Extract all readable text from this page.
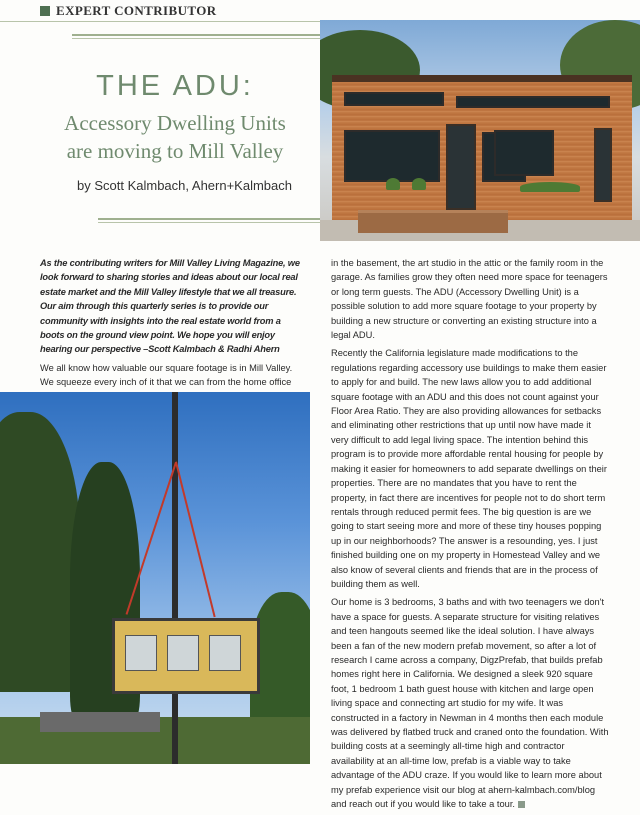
EXPERT CONTRIBUTOR
THE ADU:

Accessory Dwelling Units

are moving to Mill Valley

by Scott Kalmbach, Ahern+Kalmbach

As the contributing writers for Mill Valley Living Magazine, we look forward to sharing stories and ideas about our local real estate market and the Mill Valley lifestyle that we all treasure. Our aim through this quarterly series is to provide our community with insights into the real estate world from a boots on the ground view point. We hope you will enjoy hearing our perspective –Scott Kalmbach & Radhi Ahern

We all know how valuable our square footage is in Mill Valley. We squeeze every inch of it that we can from the home office

in the basement, the art studio in the attic or the family room in the garage. As families grow they often need more space for teenagers or long term guests. The ADU (Accessory Dwelling Unit) is a possible solution to add more square footage to your property by building a new structure or converting an existing structure into a legal ADU.

Recently the California legislature made modifications to the regulations regarding accessory use buildings to make them easier to apply for and build. The new laws allow you to add additional square footage with an ADU and this does not count against your Floor Area Ratio. They are also providing allowances for setbacks and eliminating other restrictions that up until now have made it very difficult to add legal living space. The intention behind this program is to provide more affordable rental housing for people by making it easier for homeowners to add separate dwellings on their properties. There are no mandates that you have to rent the property, in fact there are incentives for people not to do short term rentals through reduced permit fees. The big question is are we going to start seeing more and more of these tiny houses popping up in our neighborhoods? The answer is a resounding, yes. I just finished building one on my property in Homestead Valley and we also know of several clients and friends that are in the process of building them as well.

Our home is 3 bedrooms, 3 baths and with two teenagers we don't have a space for guests. A separate structure for visiting relatives and teen hangouts seemed like the ideal solution. I have always been a fan of the new modern prefab movement, so after a lot of research I came across a company, DigzPrefab, that builds prefab homes right here in California. We designed a sleek 920 square foot, 1 bedroom 1 bath guest house with kitchen and large open living space and connecting art studio for my wife. It was constructed in a factory in Newman in 4 months then each module was delivered by flatbed truck and craned onto the foundation. With building costs at a seemingly all-time high and contractor availability at an all-time low, prefab is a viable way to take advantage of the ADU craze. If you would like to learn more about my prefab experience visit our blog at ahern-kalmbach.com/blog and reach out if you would like to take a tour.
